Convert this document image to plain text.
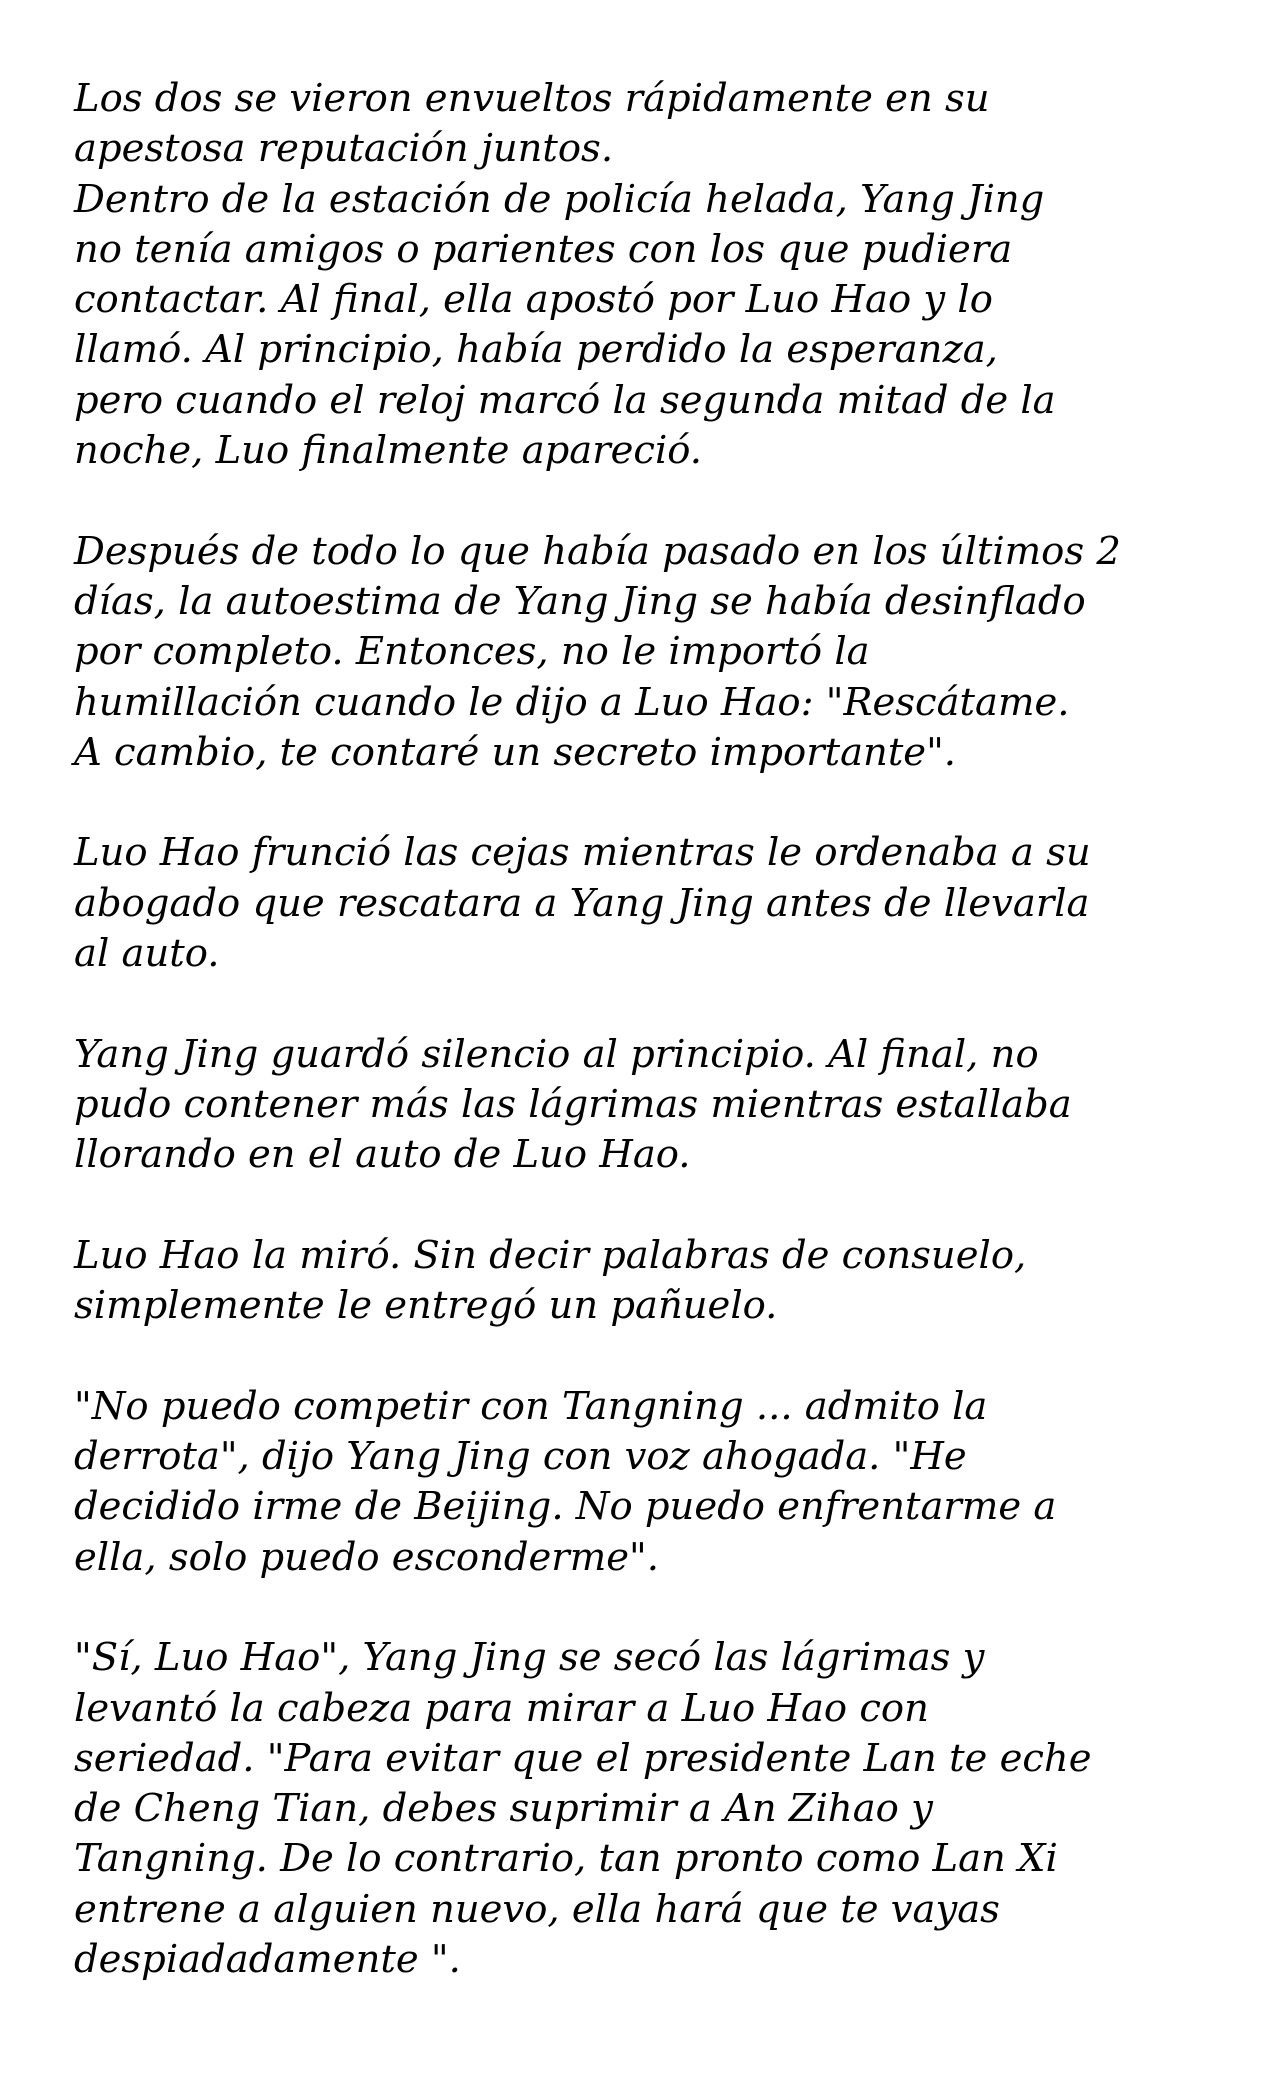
Los dos se vieron envueltos rápidamente en su
apestosa reputación juntos.
Dentro de la estación de policía helada, Yang Jing
no tenía amigos o parientes con los que pudiera
contactar. Al final, ella apostó por Luo Hao y lo
llamó. Al principio, había perdido la esperanza,
pero cuando el reloj marcó la segunda mitad de la
noche, Luo finalmente apareció.

Después de todo lo que había pasado en los últimos 2
días, la autoestima de Yang Jing se había desinflado
por completo. Entonces, no le importó la
humillación cuando le dijo a Luo Hao: "Rescátame.
A cambio, te contaré un secreto importante".

Luo Hao frunció las cejas mientras le ordenaba a su
abogado que rescatara a Yang Jing antes de llevarla
al auto.

Yang Jing guardó silencio al principio. Al final, no
pudo contener más las lágrimas mientras estallaba
llorando en el auto de Luo Hao.

Luo Hao la miró. Sin decir palabras de consuelo,
simplemente le entregó un pañuelo.

"No puedo competir con Tangning ... admito la
derrota", dijo Yang Jing con voz ahogada. "He
decidido irme de Beijing. No puedo enfrentarme a
ella, solo puedo esconderme".

"Sí, Luo Hao", Yang Jing se secó las lágrimas y
levantó la cabeza para mirar a Luo Hao con
seriedad. "Para evitar que el presidente Lan te eche
de Cheng Tian, debes suprimir a An Zihao y
Tangning. De lo contrario, tan pronto como Lan Xi
entrene a alguien nuevo, ella hará que te vayas
despiadadamente ".
